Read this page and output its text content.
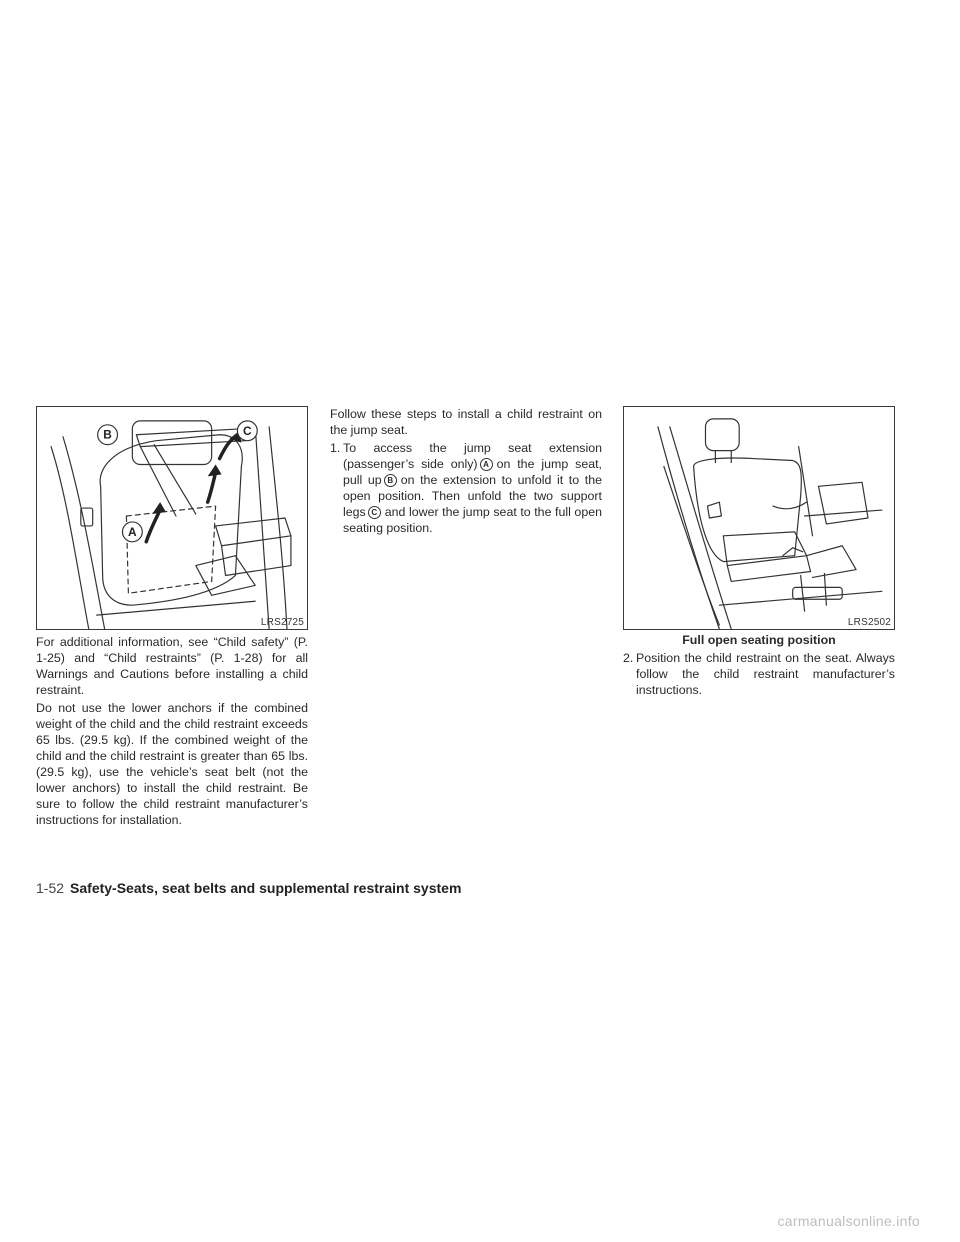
B	C
A
LRS2725

For additional information, see “Child safety” (P. 1-25) and “Child restraints” (P. 1-28) for all Warnings and Cautions before installing a child restraint.

Do not use the lower anchors if the combined weight of the child and the child restraint exceeds 65 lbs. (29.5 kg). If the combined weight of the child and the child restraint is greater than 65 lbs. (29.5 kg), use the vehicle’s seat belt (not the lower anchors) to install the child restraint. Be sure to follow the child restraint manufacturer’s instructions for installation.

Follow these steps to install a child restraint on the jump seat.

1. To access the jump seat extension (passenger’s side only) A on the jump seat, pull up B on the extension to unfold it to the open position. Then unfold the two support legs C and lower the jump seat to the full open seating position.
LRS2502
Full open seating position
2. Position the child restraint on the seat. Always follow the child restraint manufacturer’s instructions.
1-52 Safety-Seats, seat belts and supplemental restraint system
carmanualsonline.info
